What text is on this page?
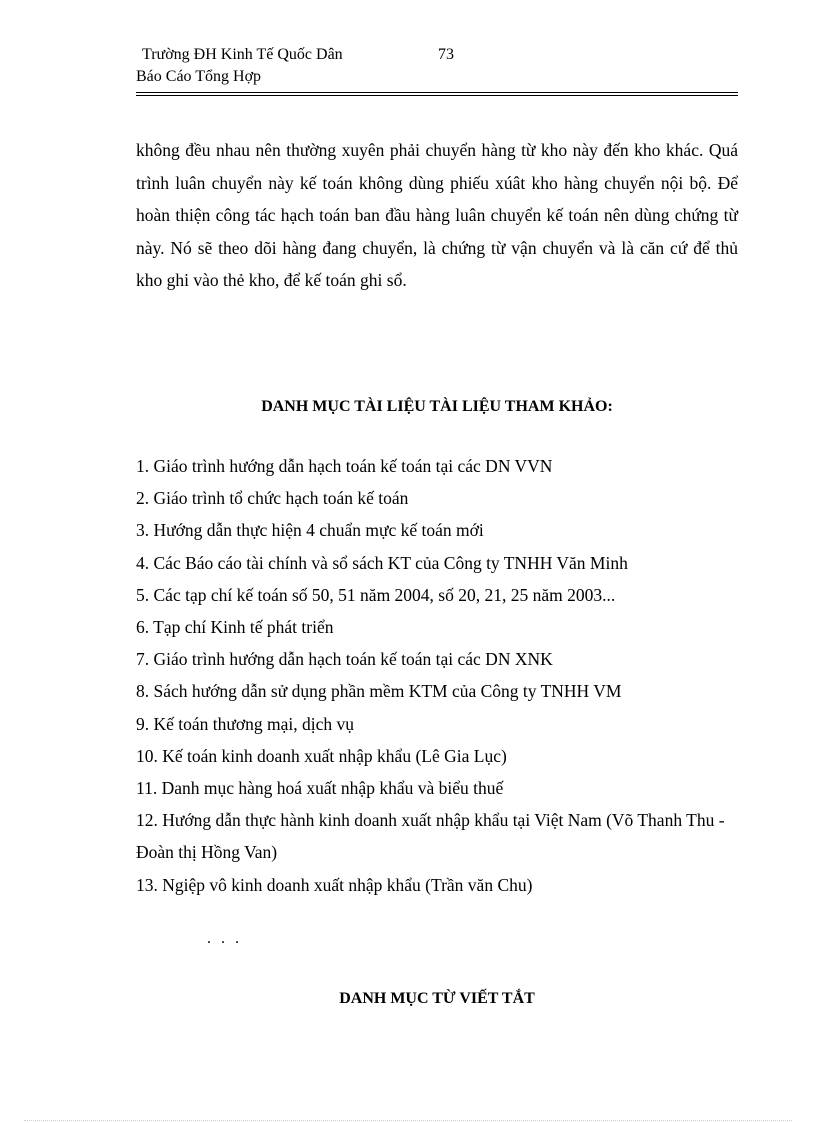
Trường ĐH Kinh Tế Quốc Dân	73
Báo Cáo Tổng Hợp

không đều nhau nên thường xuyên phải chuyển hàng từ kho này đến kho khác. Quá trình luân chuyển này kế toán không dùng phiếu xúât kho hàng chuyển nội bộ. Để hoàn thiện công tác hạch toán ban đầu hàng luân chuyển kế toán nên dùng chứng từ này. Nó sẽ theo dõi hàng đang chuyển, là chứng từ vận chuyển và là căn cứ để thủ kho ghi vào thẻ kho, để kế toán ghi sổ.

DANH MỤC TÀI LIỆU TÀI LIỆU THAM KHẢO:
1. Giáo trình hướng dẫn hạch toán kế toán tại các DN VVN
2. Giáo trình tổ chức hạch toán kế toán
3. Hướng dẫn thực hiện 4 chuẩn mực kế toán mới
4. Các Báo cáo tài chính và sổ sách KT của Công ty TNHH Văn Minh
5. Các tạp chí kế toán số 50, 51 năm 2004, số 20, 21, 25 năm 2003...
6. Tạp chí Kinh tế phát triển
7. Giáo trình hướng dẫn hạch toán kế toán tại các DN XNK
8. Sách hướng dẫn sử dụng phần mềm KTM của Công ty TNHH VM
9. Kế toán thương mại, dịch vụ
10. Kế toán kinh doanh xuất nhập khẩu (Lê Gia Lục)
11. Danh mục hàng hoá xuất nhập khẩu và biểu thuế
12. Hướng dẫn thực hành kinh doanh xuất nhập khẩu tại Việt Nam (Võ Thanh Thu - Đoàn thị Hồng Van)
13. Ngiệp vô kinh doanh xuất nhập khẩu (Trần văn Chu)
. . .
DANH MỤC TỪ VIẾT TẮT
